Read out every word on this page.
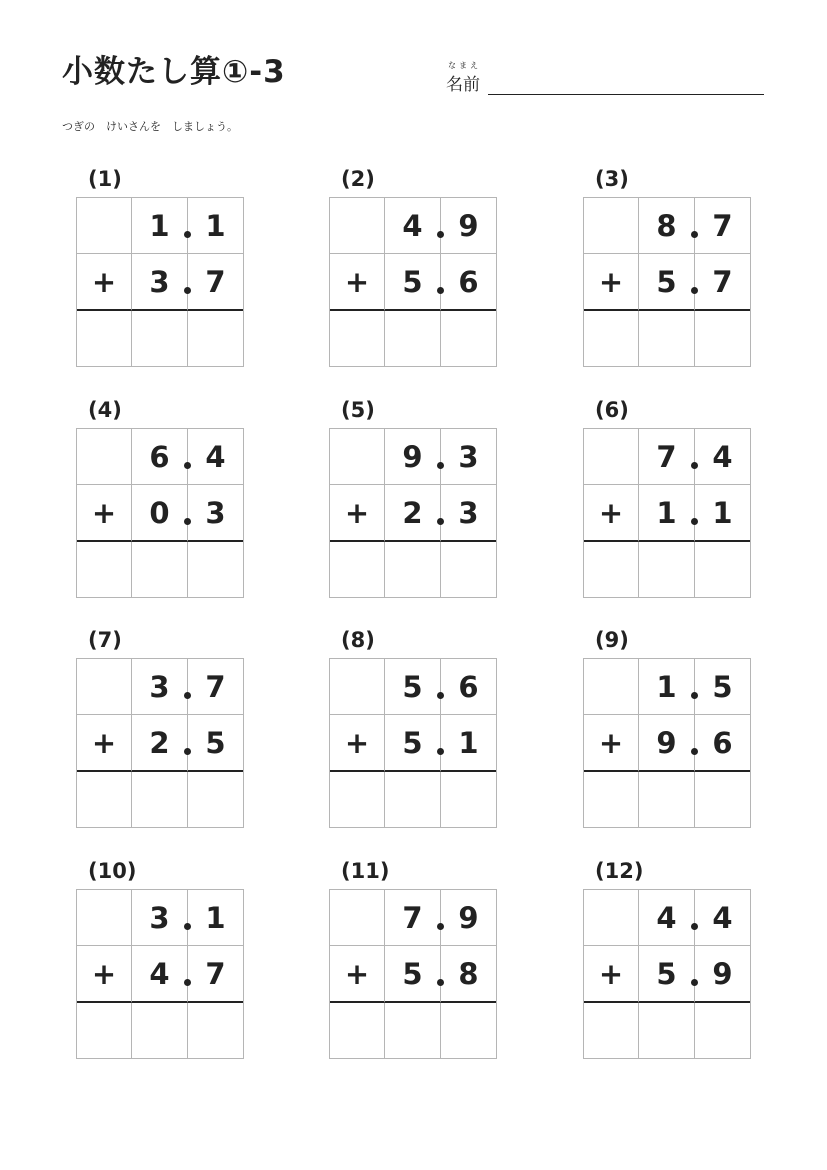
小数たし算①-3	なまえ
名前
つぎの　けいさんを　しましょう。
(1)
1 1
+	3 7
(2)
4 9
+	5 6
(3)
8 7
+	5 7
(4)
6 4
+	0 3
(5)
9 3
+	2 3
(6)
7 4
+	1 1
(7)
3 7
+	2 5
(8)
5 6
+	5 1
(9)
1 5
+	9 6
(10)
3 1
+	4 7
(11)
7 9
+	5 8
(12)
4 4
+	5 9
